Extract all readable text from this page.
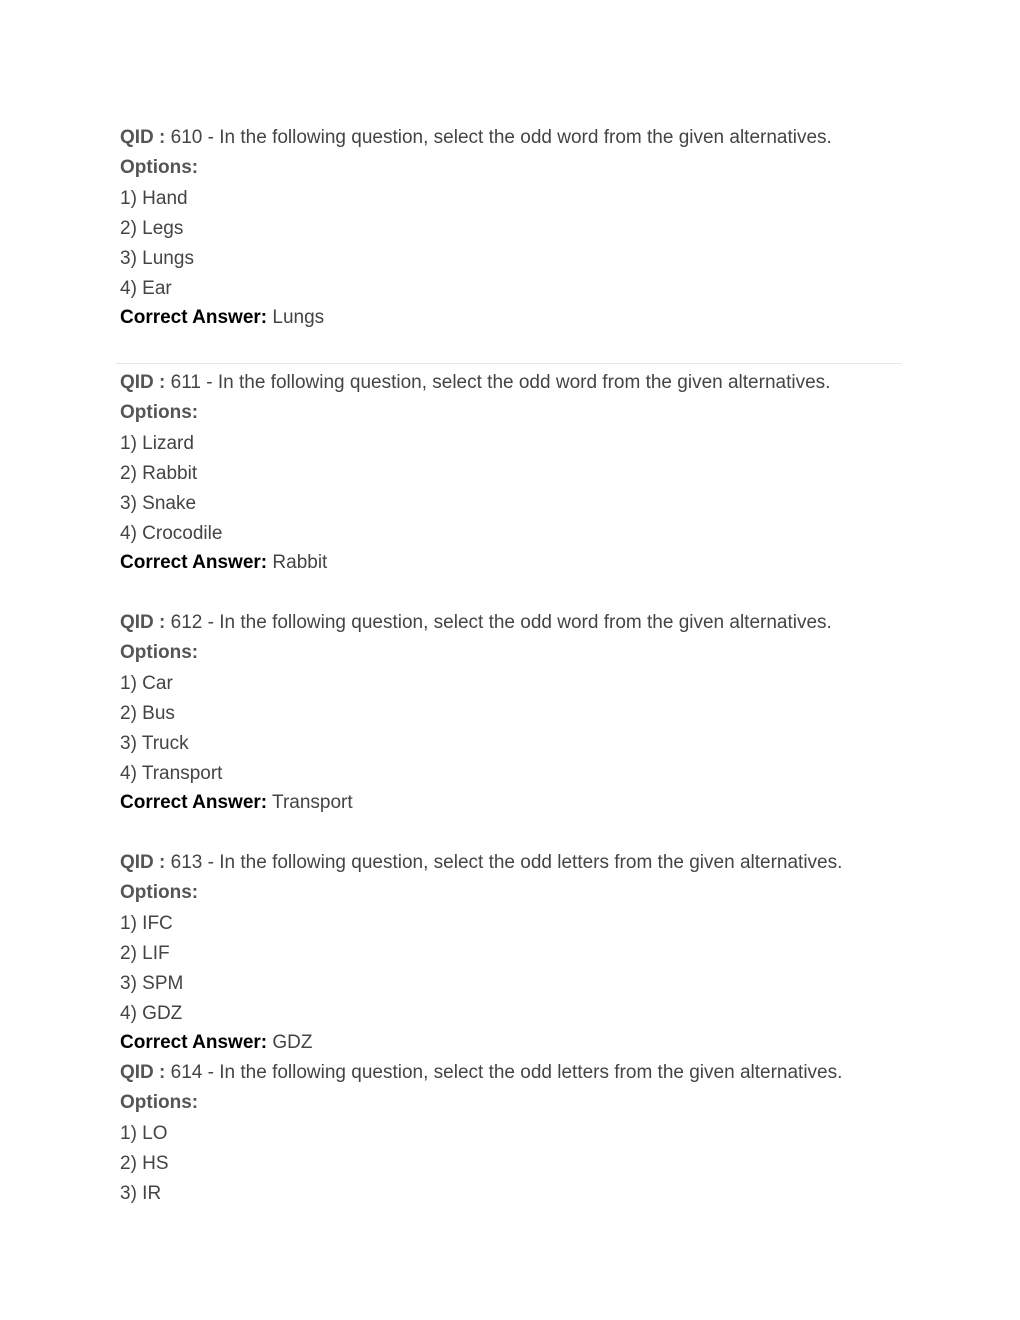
QID : 610 - In the following question, select the odd word from the given alternatives.
Options:
1) Hand
2) Legs
3) Lungs
4) Ear
Correct Answer: Lungs
QID : 611 - In the following question, select the odd word from the given alternatives.
Options:
1) Lizard
2) Rabbit
3) Snake
4) Crocodile
Correct Answer: Rabbit
QID : 612 - In the following question, select the odd word from the given alternatives.
Options:
1) Car
2) Bus
3) Truck
4) Transport
Correct Answer: Transport
QID : 613 - In the following question, select the odd letters from the given alternatives.
Options:
1) IFC
2) LIF
3) SPM
4) GDZ
Correct Answer: GDZ
QID : 614 - In the following question, select the odd letters from the given alternatives.
Options:
1) LO
2) HS
3) IR
